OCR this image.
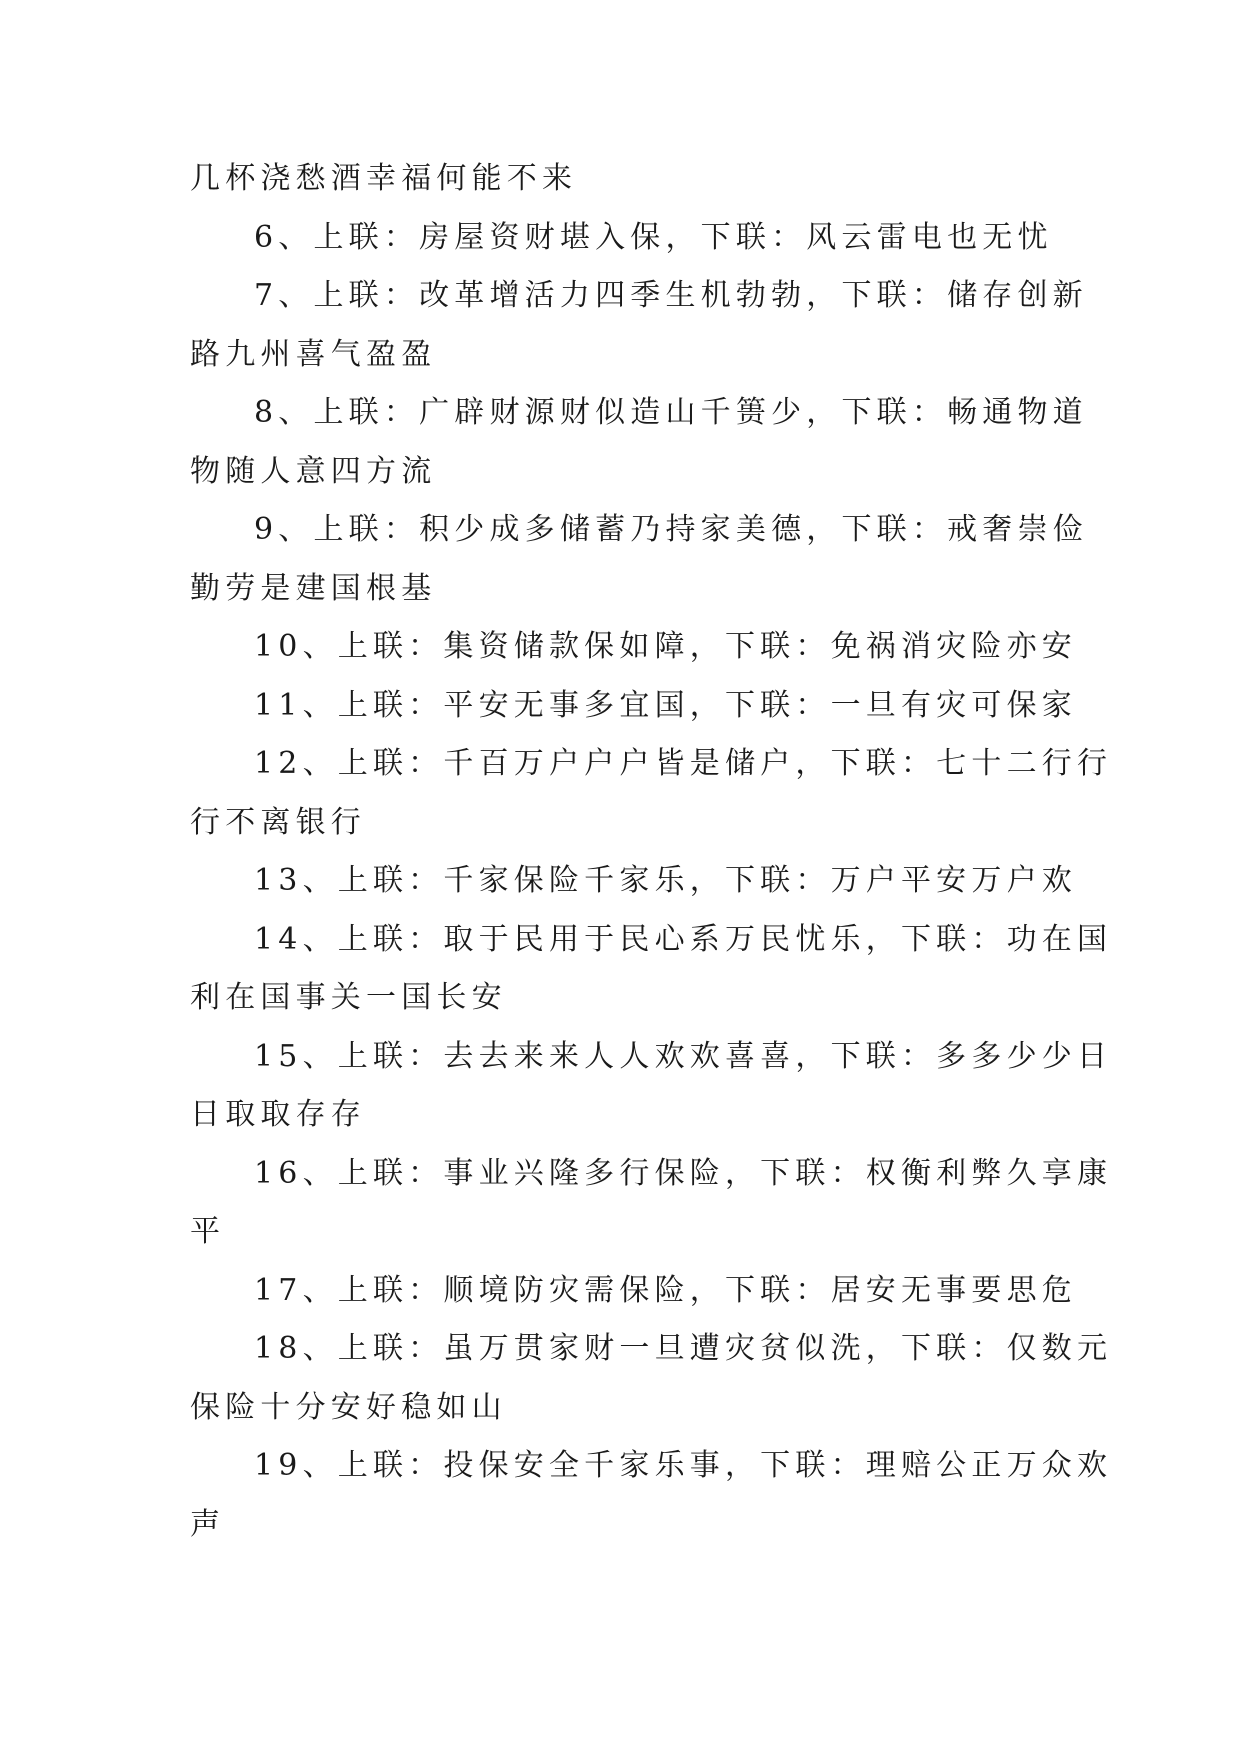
几杯浇愁酒幸福何能不来
6、上联：房屋资财堪入保，下联：风云雷电也无忧
7、上联：改革增活力四季生机勃勃，下联：储存创新
路九州喜气盈盈
8、上联：广辟财源财似造山千篑少，下联：畅通物道
物随人意四方流
9、上联：积少成多储蓄乃持家美德，下联：戒奢崇俭
勤劳是建国根基
10、上联：集资储款保如障，下联：免祸消灾险亦安
11、上联：平安无事多宜国，下联：一旦有灾可保家
12、上联：千百万户户户皆是储户，下联：七十二行行
行不离银行
13、上联：千家保险千家乐，下联：万户平安万户欢
14、上联：取于民用于民心系万民忧乐，下联：功在国
利在国事关一国长安
15、上联：去去来来人人欢欢喜喜，下联：多多少少日
日取取存存
16、上联：事业兴隆多行保险，下联：权衡利弊久享康
平
17、上联：顺境防灾需保险，下联：居安无事要思危
18、上联：虽万贯家财一旦遭灾贫似洗，下联：仅数元
保险十分安好稳如山
19、上联：投保安全千家乐事，下联：理赔公正万众欢
声
